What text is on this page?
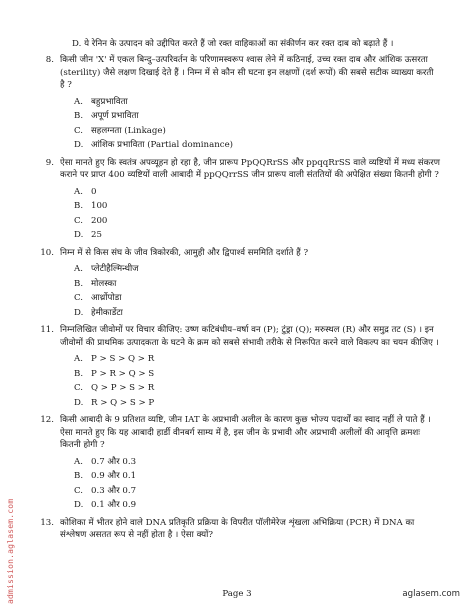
admission.aglasem.com
D. ये रेनिन के उत्पादन को उद्दीपित करते हैं जो रक्त वाहिकाओं का संकीर्णन कर रक्त दाब को बढ़ाते हैं ।
8. किसी जीन 'X' में एकल बिन्दु–उत्परिवर्तन के परिणामस्वरूप श्वास लेने में कठिनाई, उच्च रक्त दाब और आंशिक ऊसरता (sterility) जैसे लक्षण दिखाई देते हैं । निम्न में से कौन सी घटना इन लक्षणों (दर्श रूपों) की सबसे सटीक व्याख्या करती है ?
A. बहुप्रभाविता
B. अपूर्ण प्रभाविता
C. सहलग्नता (Linkage)
D. आंशिक प्रभाविता (Partial dominance)
9. ऐसा मानते हुए कि स्वतंत्र अपव्यूहन हो रहा है, जीन प्रारूप PpQQRrSS और ppqqRrSS वाले व्यष्टियों में मध्य संकरण कराने पर प्राप्त 400 व्यष्टियों वाली आबादी में ppQQrrSS जीन प्रारूप वाली संततियों की अपेक्षित संख्या कितनी होगी ?
A. 0
B. 100
C. 200
D. 25
10. निम्न में से किस संघ के जीव त्रिकोरकी, आमुही और द्विपार्श्व सममिति दर्शाते हैं ?
A. प्लेटीहैल्मिन्थीज
B. मोलस्का
C. आर्थ्रोपोडा
D. हेमीकार्डेटा
11. निम्नलिखित जीवोमों पर विचार कीजिए: उष्ण कटिबंधीय–वर्षा वन (P); टुंड्रा (Q); मरुस्थल (R) और समुद्र तट (S) । इन जीवोमों की प्राथमिक उत्पादकता के घटने के क्रम को सबसे संभावी तरीके से निरूपित करने वाले विकल्प का चयन कीजिए ।
A. P > S > Q > R
B. P > R > Q > S
C. Q > P > S > R
D. R > Q > S > P
12. किसी आबादी के 9 प्रतिशत व्यष्टि, जीन IAT के अप्रभावी अलील के कारण कुछ भोज्य पदार्थों का स्वाद नहीं ले पाते हैं । ऐसा मानते हुए कि यह आबादी हार्डी वीनबर्ग साम्य में है, इस जीन के प्रभावी और अप्रभावी अलीलों की आवृत्ति क्रमशः कितनी होगी ?
A. 0.7 और 0.3
B. 0.9 और 0.1
C. 0.3 और 0.7
D. 0.1 और 0.9
13. कोशिका में भीतर होने वाले DNA प्रतिकृति प्रक्रिया के विपरीत पॉलीमेरेज शृंखला अभिक्रिया (PCR) में DNA का संश्लेषण असतत रूप से नहीं होता है । ऐसा क्यों?
Page 3	aglasem.com
